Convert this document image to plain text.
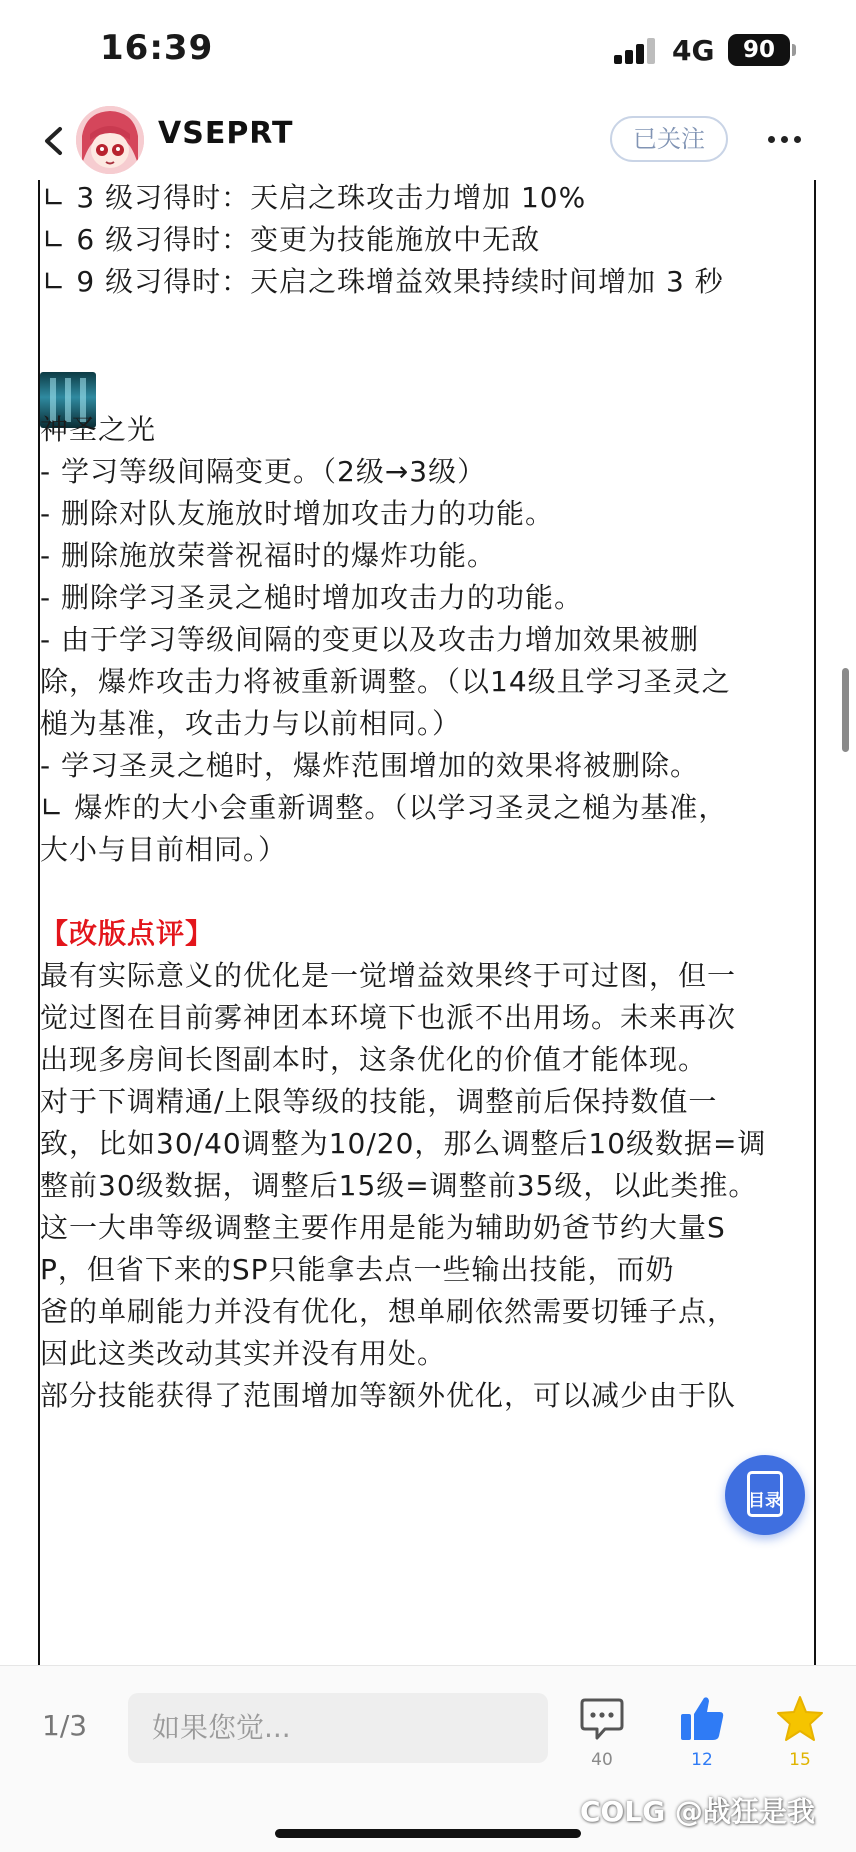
16:39	4G	90
VSEPRT	已关注
∟ 3 级习得时：天启之珠攻击力增加 10%
∟ 6 级习得时：变更为技能施放中无敌
∟ 9 级习得时：天启之珠增益效果持续时间增加 3 秒
神圣之光
- 学习等级间隔变更。（2级→3级）
- 删除对队友施放时增加攻击力的功能。
- 删除施放荣誉祝福时的爆炸功能。
- 删除学习圣灵之槌时增加攻击力的功能。
- 由于学习等级间隔的变更以及攻击力增加效果被删
除，爆炸攻击力将被重新调整。（以14级且学习圣灵之
槌为基准，攻击力与以前相同。）
- 学习圣灵之槌时，爆炸范围增加的效果将被删除。
∟ 爆炸的大小会重新调整。（以学习圣灵之槌为基准，
大小与目前相同。）
【改版点评】
最有实际意义的优化是一觉增益效果终于可过图，但一
觉过图在目前雾神团本环境下也派不出用场。未来再次
出现多房间长图副本时，这条优化的价值才能体现。
对于下调精通/上限等级的技能，调整前后保持数值一
致，比如30/40调整为10/20，那么调整后10级数据=调
整前30级数据，调整后15级=调整前35级，以此类推。
这一大串等级调整主要作用是能为辅助奶爸节约大量S
P，但省下来的SP只能拿去点一些输出技能，而奶
爸的单刷能力并没有优化，想单刷依然需要切锤子点，
因此这类改动其实并没有用处。
部分技能获得了范围增加等额外优化，可以减少由于队
目录
1/3	如果您觉...
40	12	15
COLG @战狂是我
